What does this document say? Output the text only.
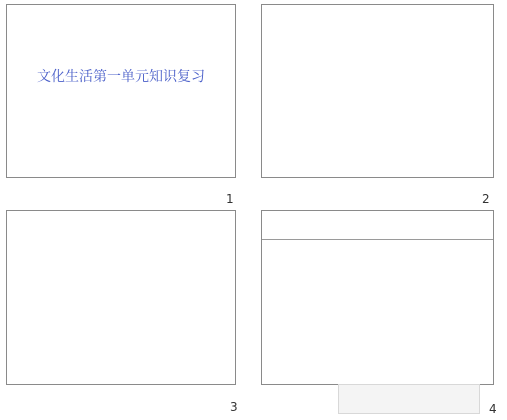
文化生活第一单元知识复习
1	2
3	4
